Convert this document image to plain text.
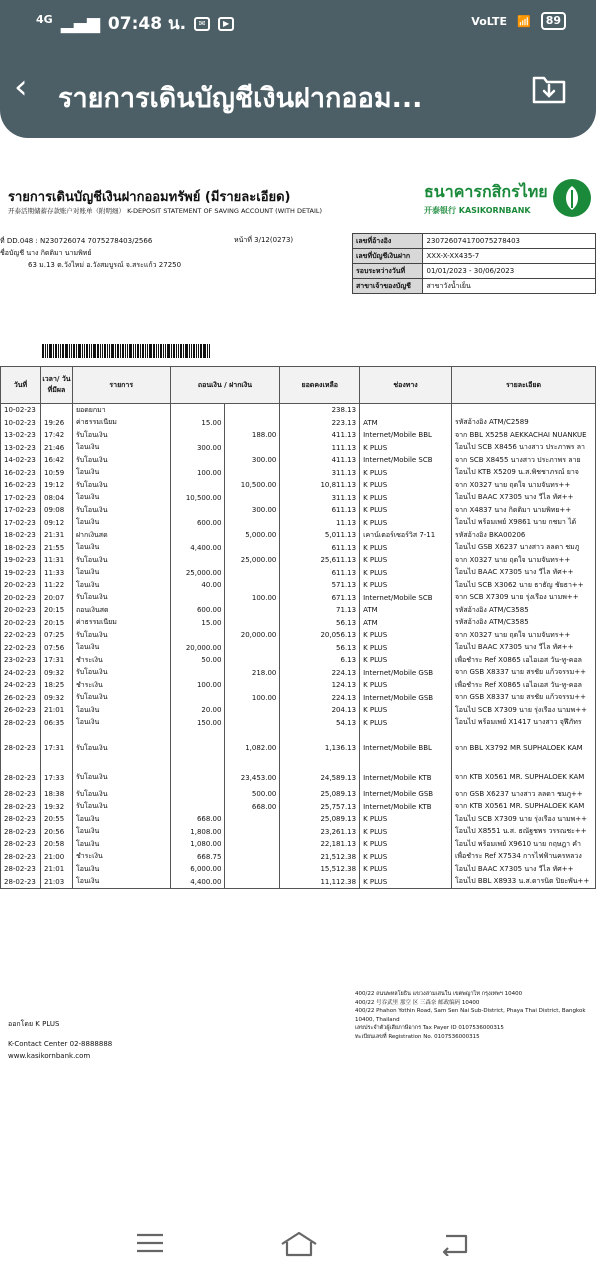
4G ▂▄▆ 07:48 น.	✉	▶	VoLTE 📶	89
‹ รายการเดินบัญชีเงินฝากออม...
รายการเดินบัญชีเงินฝากออมทรัพย์ (มีรายละเอียด)
开泰活期储蓄存款账户对账单（附明细） K-DEPOSIT STATEMENT OF SAVING ACCOUNT (WITH DETAIL)
ที่ DD.048 : N230726074 7075278403/2566
ชื่อบัญชี นาง กิตติมา นามพิทย์
63 ม.13 ต.วังไหม่ อ.วังสมบูรณ์ จ.สระแก้ว 27250
หน้าที่ 3/12(0273)
ธนาคารกสิกรไทย
开泰银行 KASIKORNBANK
เลขที่อ้างอิง	230726074170075278403
เลขที่บัญชีเงินฝาก	XXX-X-XX435-7
รอบระหว่างวันที่	01/01/2023 - 30/06/2023
สาขาเจ้าของบัญชี	สาขาวังน้ำเย็น
วันที่	เวลา/ วันที่มีผล	รายการ	ถอนเงิน / ฝากเงิน		ยอดคงเหลือ	ช่องทาง	รายละเอียด
10-02-23		ยอดยกมา			238.13		
10-02-23	19:26	ค่าธรรมเนียม	15.00		223.13	ATM	รหัสอ้างอิง ATM/C2589
13-02-23	17:42	รับโอนเงิน		188.00	411.13	Internet/Mobile BBL	จาก BBL X5258 AEKKACHAI NUANKUE
13-02-23	21:46	โอนเงิน	300.00		111.13	K PLUS	โอนไป SCB X8456 นางสาว ประภาพร ลา
14-02-23	16:42	รับโอนเงิน		300.00	411.13	Internet/Mobile SCB	จาก SCB X8455 นางสาว ประภาพร ลาย
16-02-23	10:59	โอนเงิน	100.00		311.13	K PLUS	โอนไป KTB X5209 น.ส.พิชชาภรณ์ ยาจ
16-02-23	19:12	รับโอนเงิน		10,500.00	10,811.13	K PLUS	จาก X0327 นาย ฤดใจ นามจันทร++
17-02-23	08:04	โอนเงิน	10,500.00		311.13	K PLUS	โอนไป BAAC X7305 นาง วีไล ทัศ++
17-02-23	09:08	รับโอนเงิน		300.00	611.13	K PLUS	จาก X4837 นาง กิตติมา นามพิทย++
17-02-23	09:12	โอนเงิน	600.00		11.13	K PLUS	โอนไป พร้อมเพย์ X9861 นาย กชมา ได้
18-02-23	21:31	ฝากเงินสด		5,000.00	5,011.13	เคาน์เตอร์เซอร์วิส 7-11	รหัสอ้างอิง BKA00206
18-02-23	21:55	โอนเงิน	4,400.00		611.13	K PLUS	โอนไป GSB X6237 นางสาว ลลดา ชมภู
19-02-23	11:31	รับโอนเงิน		25,000.00	25,611.13	K PLUS	จาก X0327 นาย ฤดใจ นามจันทร++
19-02-23	11:33	โอนเงิน	25,000.00		611.13	K PLUS	โอนไป BAAC X7305 นาง วีไล ทัศ++
20-02-23	11:22	โอนเงิน	40.00		571.13	K PLUS	โอนไป SCB X3062 นาย ธาธัญ ชัยธา++
20-02-23	20:07	รับโอนเงิน		100.00	671.13	Internet/Mobile SCB	จาก SCB X7309 นาย รุ่งเรือง นามพ++
20-02-23	20:15	ถอนเงินสด	600.00		71.13	ATM	รหัสอ้างอิง ATM/C3585
20-02-23	20:15	ค่าธรรมเนียม	15.00		56.13	ATM	รหัสอ้างอิง ATM/C3585
22-02-23	07:25	รับโอนเงิน		20,000.00	20,056.13	K PLUS	จาก X0327 นาย ฤดใจ นามจันทร++
22-02-23	07:56	โอนเงิน	20,000.00		56.13	K PLUS	โอนไป BAAC X7305 นาง วีไล ทัศ++
23-02-23	17:31	ชำระเงิน	50.00		6.13	K PLUS	เพื่อชำระ Ref X0865 เอไอเอส วัน-ทู-คอล
24-02-23	09:32	รับโอนเงิน		218.00	224.13	Internet/Mobile GSB	จาก GSB X8337 นาย สรชัย แก้วจรรม++
24-02-23	18:25	ชำระเงิน	100.00		124.13	K PLUS	เพื่อชำระ Ref X0865 เอไอเอส วัน-ทู-คอล
26-02-23	09:32	รับโอนเงิน		100.00	224.13	Internet/Mobile GSB	จาก GSB X8337 นาย สรชัย แก้วจรรม++
26-02-23	21:01	โอนเงิน	20.00		204.13	K PLUS	โอนไป SCB X7309 นาย รุ่งเรือง นามพ++
28-02-23	06:35	โอนเงิน	150.00		54.13	K PLUS	โอนไป พร้อมเพย์ X1417 นางสาว จุฬีภัทร
28-02-23	17:31	รับโอนเงิน		1,082.00	1,136.13	Internet/Mobile BBL	จาก BBL X3792 MR SUPHALOEK KAM
28-02-23	17:33	รับโอนเงิน		23,453.00	24,589.13	Internet/Mobile KTB	จาก KTB X0561 MR. SUPHALOEK KAM
28-02-23	18:38	รับโอนเงิน		500.00	25,089.13	Internet/Mobile GSB	จาก GSB X6237 นางสาว ลลดา ชมภู++
28-02-23	19:32	รับโอนเงิน		668.00	25,757.13	Internet/Mobile KTB	จาก KTB X0561 MR. SUPHALOEK KAM
28-02-23	20:55	โอนเงิน	668.00		25,089.13	K PLUS	โอนไป SCB X7309 นาย รุ่งเรือง นามพ++
28-02-23	20:56	โอนเงิน	1,808.00		23,261.13	K PLUS	โอนไป X8551 น.ส. ธณัฐชพร วรรณชะ++
28-02-23	20:58	โอนเงิน	1,080.00		22,181.13	K PLUS	โอนไป พร้อมเพย์ X9610 นาย กฤษฎา คำ
28-02-23	21:00	ชำระเงิน	668.75		21,512.38	K PLUS	เพื่อชำระ Ref X7534 การไฟฟ้านครหลวง
28-02-23	21:01	โอนเงิน	6,000.00		15,512.38	K PLUS	โอนไป BAAC X7305 นาง วีไล ทัศ++
28-02-23	21:03	โอนเงิน	4,400.00		11,112.38	K PLUS	โอนไป BBL X8933 น.ส.ดารนิต ปิยะพัน++
ออกโดย K PLUS
K-Contact Center 02-8888888
www.kasikornbank.com
400/22 ถนนพหลโยธิน แขวงสามเสนใน เขตพญาไท กรุงเทพฯ 10400
400/22 号吞武里 那空 区 三森奈 邮政编码 10400
400/22 Phahon Yothin Road, Sam Sen Nai Sub-District, Phaya Thai District, Bangkok 10400, Thailand
เลขประจำตัวผู้เสียภาษีอากร Tax Payer ID 0107536000315
ทะเบียนเลขที่ Registration No. 0107536000315
